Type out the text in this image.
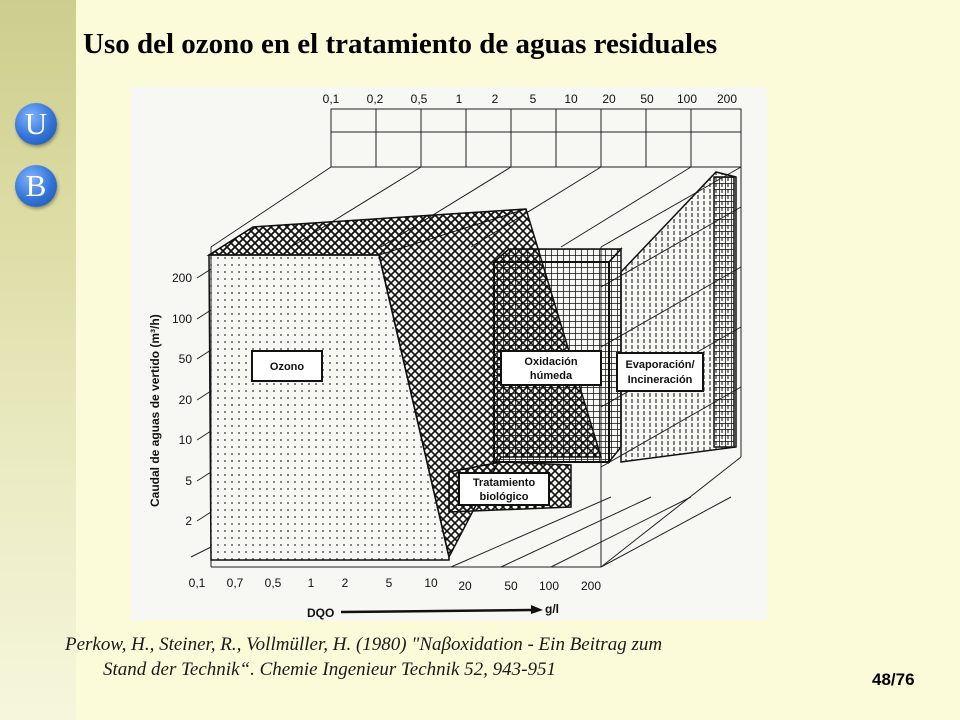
U
B
Uso del ozono en el tratamiento de aguas residuales
0,1 0,2 0,5 1 2	5 10 20 50 100 200
200
100
50
20
10
5
2
Caudal de aguas de vertido (m³/h)	Ozono	Oxidación
húmeda
Evaporación/
Incineración
Tratamiento
biológico
0,1 0,7 0,5 1 2	5	10 20	50 100 200
DQO	g/l

Perkow, H., Steiner, R., Vollmüller, H. (1980) "Naβoxidation - Ein Beitrag zum
Stand der Technik“. Chemie Ingenieur Technik 52, 943-951	48/76
